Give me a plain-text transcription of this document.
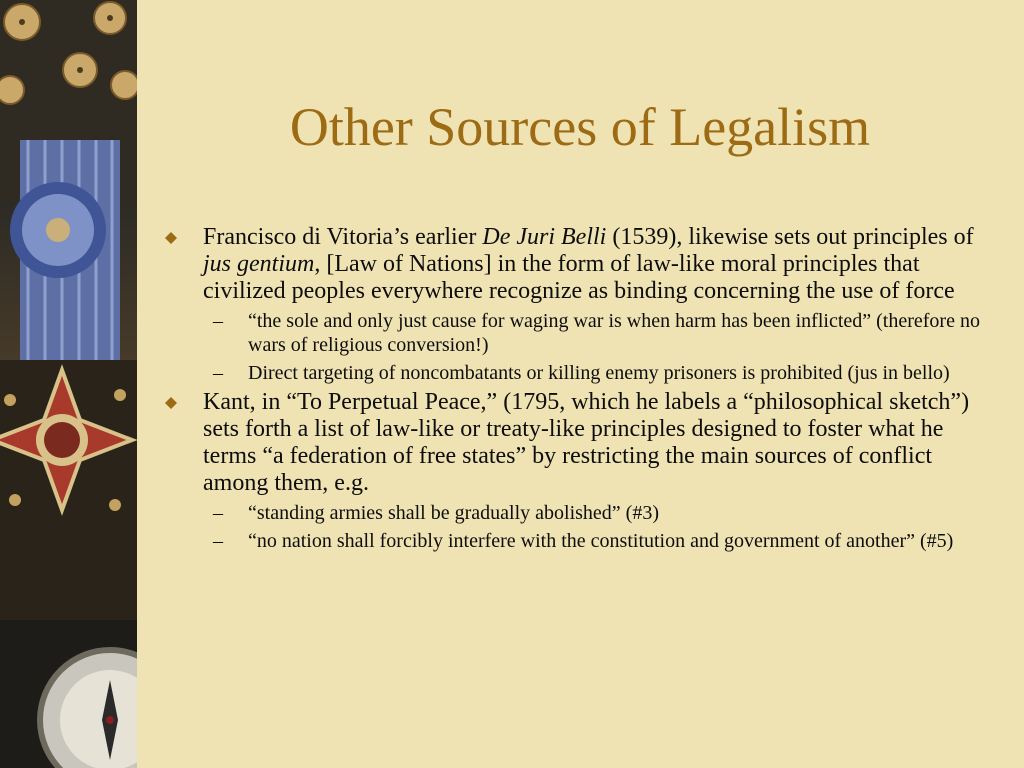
Other Sources of Legalism
Francisco di Vitoria’s earlier De Juri Belli (1539), likewise sets out principles of jus gentium, [Law of Nations] in the form of law-like moral principles that civilized peoples everywhere recognize as binding concerning the use of force
– “the sole and only just cause for waging war is when harm has been inflicted” (therefore no wars of religious conversion!)
– Direct targeting of noncombatants or killing enemy prisoners is prohibited (jus in bello)
Kant, in “To Perpetual Peace,” (1795, which he labels a “philosophical sketch”) sets forth a list of law-like or treaty-like principles designed to foster what he terms “a federation of free states” by restricting the main sources of conflict among them, e.g.
– “standing armies shall be gradually abolished” (#3)
– “no nation shall forcibly interfere with the constitution and government of another” (#5)
